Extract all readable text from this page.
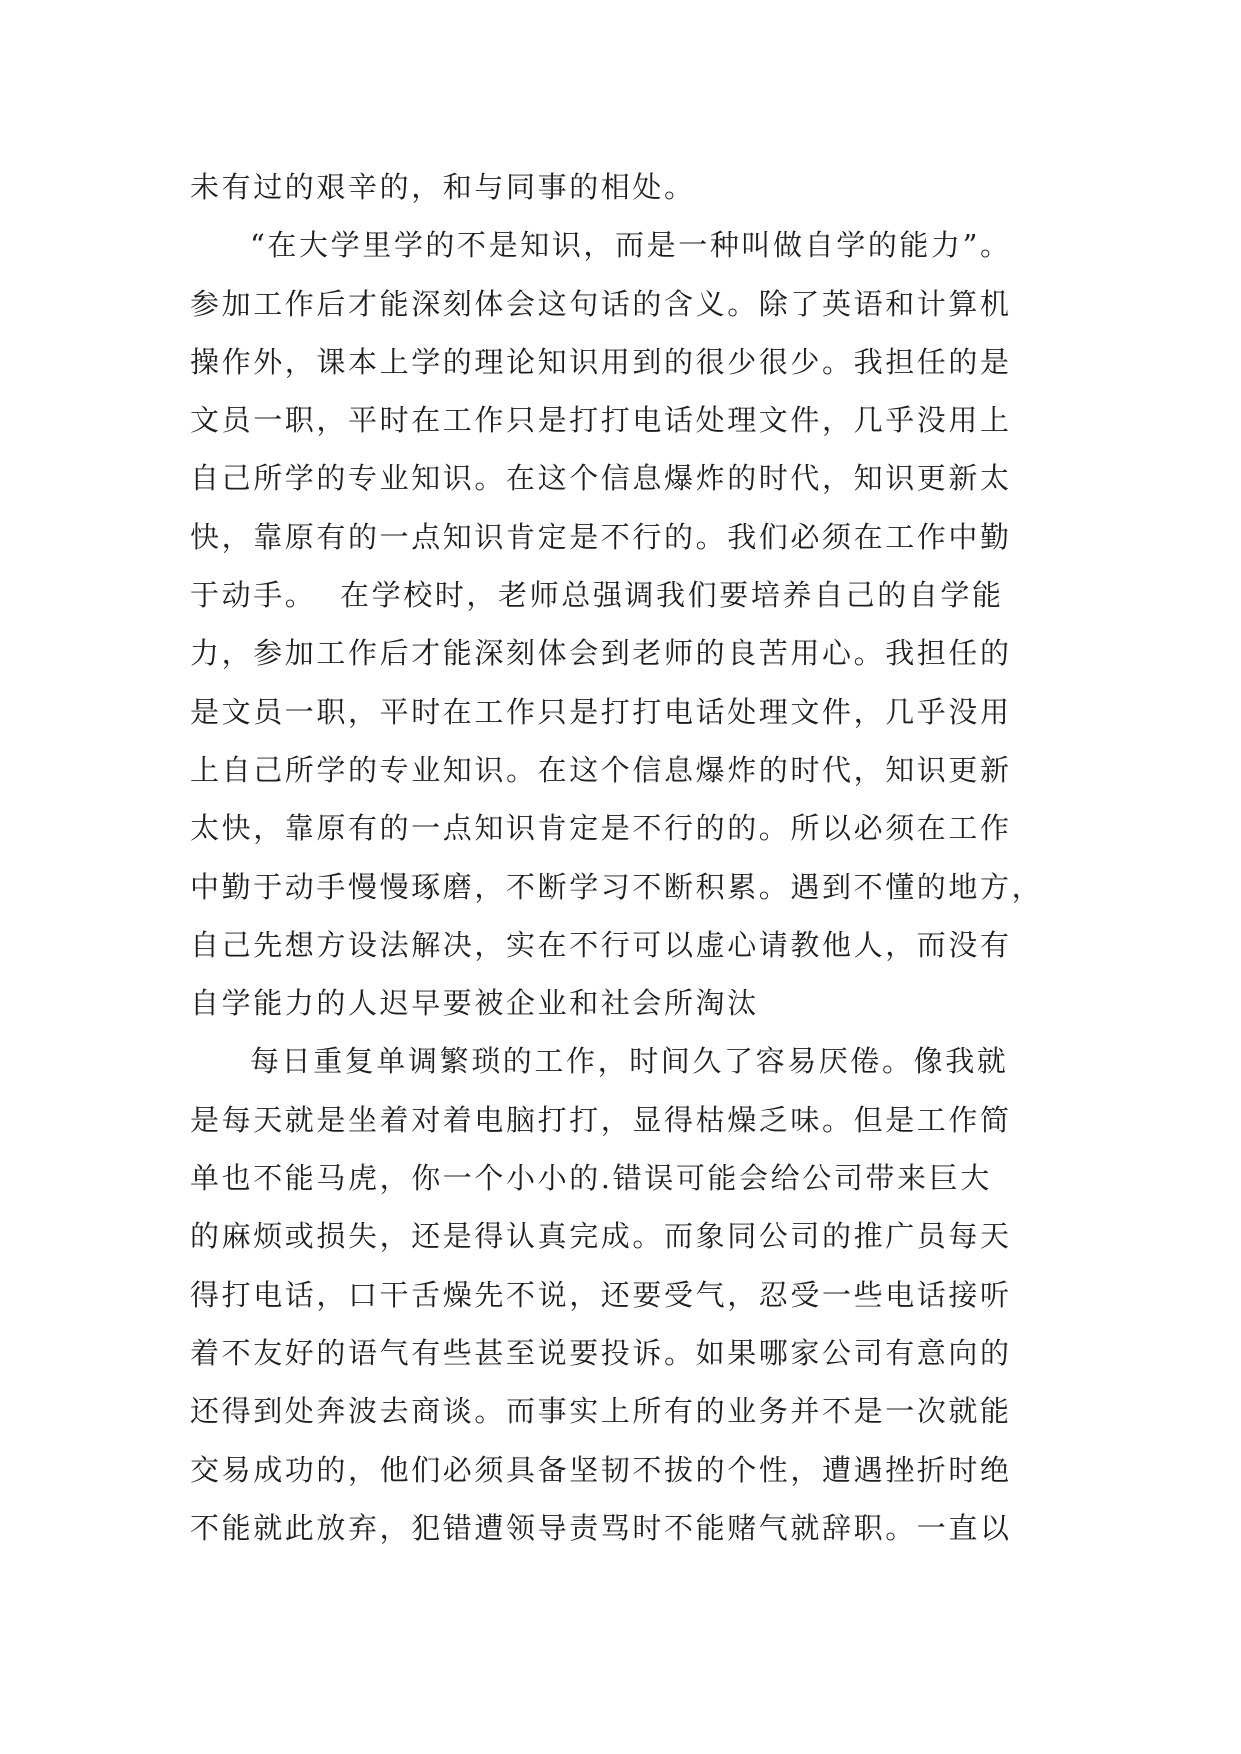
未有过的艰辛的，和与同事的相处。
“在大学里学的不是知识，而是一种叫做自学的能力”。
参加工作后才能深刻体会这句话的含义。除了英语和计算机
操作外，课本上学的理论知识用到的很少很少。我担任的是
文员一职，平时在工作只是打打电话处理文件，几乎没用上
自己所学的专业知识。在这个信息爆炸的时代，知识更新太
快，靠原有的一点知识肯定是不行的。我们必须在工作中勤
于动手。  在学校时，老师总强调我们要培养自己的自学能
力，参加工作后才能深刻体会到老师的良苦用心。我担任的
是文员一职，平时在工作只是打打电话处理文件，几乎没用
上自己所学的专业知识。在这个信息爆炸的时代，知识更新
太快，靠原有的一点知识肯定是不行的的。所以必须在工作
中勤于动手慢慢琢磨，不断学习不断积累。遇到不懂的地方，
自己先想方设法解决，实在不行可以虚心请教他人，而没有
自学能力的人迟早要被企业和社会所淘汰
每日重复单调繁琐的工作，时间久了容易厌倦。像我就
是每天就是坐着对着电脑打打，显得枯燥乏味。但是工作简
单也不能马虎，你一个小小的.错误可能会给公司带来巨大
的麻烦或损失，还是得认真完成。而象同公司的推广员每天
得打电话，口干舌燥先不说，还要受气，忍受一些电话接听
着不友好的语气有些甚至说要投诉。如果哪家公司有意向的
还得到处奔波去商谈。而事实上所有的业务并不是一次就能
交易成功的，他们必须具备坚韧不拔的个性，遭遇挫折时绝
不能就此放弃，犯错遭领导责骂时不能赌气就辞职。一直以
